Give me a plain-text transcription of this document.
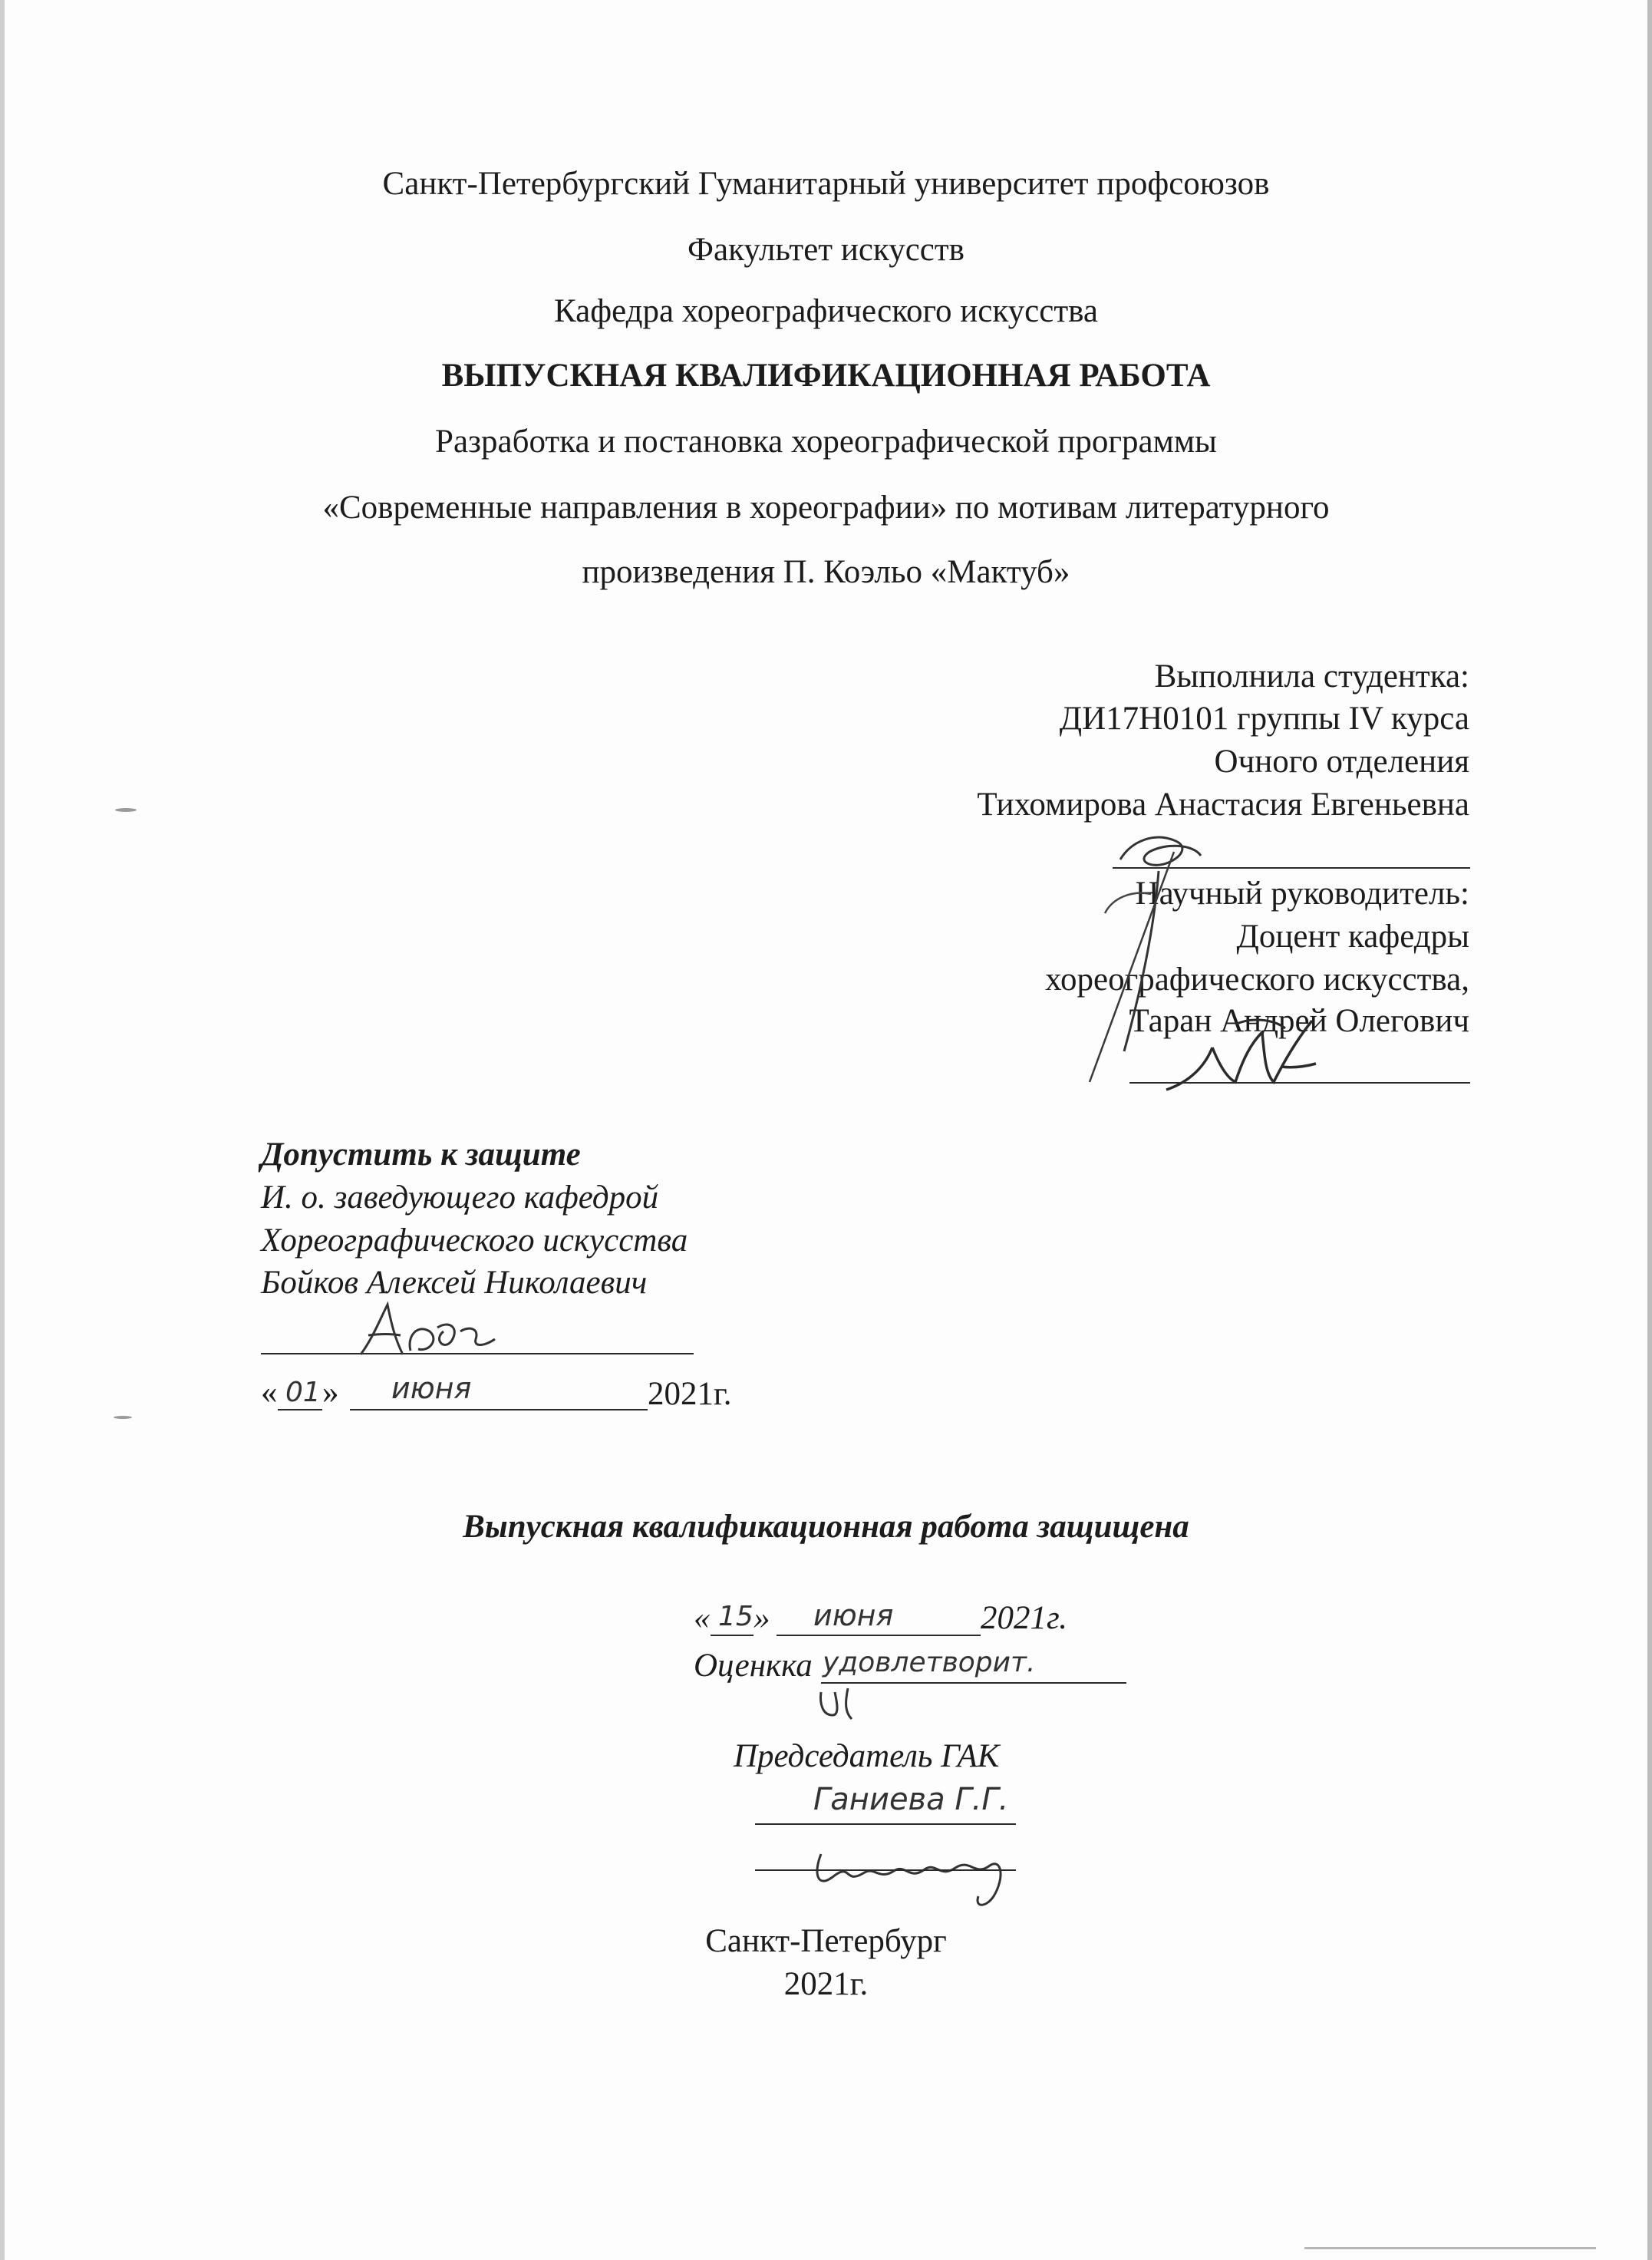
Санкт-Петербургский Гуманитарный университет профсоюзов
Факультет искусств
Кафедра хореографического искусства
ВЫПУСКНАЯ КВАЛИФИКАЦИОННАЯ РАБОТА
Разработка и постановка хореографической программы
«Современные направления в хореографии» по мотивам литературного
произведения П. Коэльо «Мактуб»
Выполнила студентка:
ДИ17Н0101 группы IV курса
Очного отделения
Тихомирова Анастасия Евгеньевна
Научный руководитель:
Доцент кафедры
хореографического искусства,
Таран Андрей Олегович
Допустить к защите
И. о. заведующего кафедрой
Хореографического искусства
Бойков Алексей Николаевич
« 01 » июня	2021г.
Выпускная квалификационная работа защищена
« 15 » июня	2021г.
Оценкка удовлетворит.
Председатель ГАК
Ганиева Г.Г.
Санкт-Петербург
2021г.
